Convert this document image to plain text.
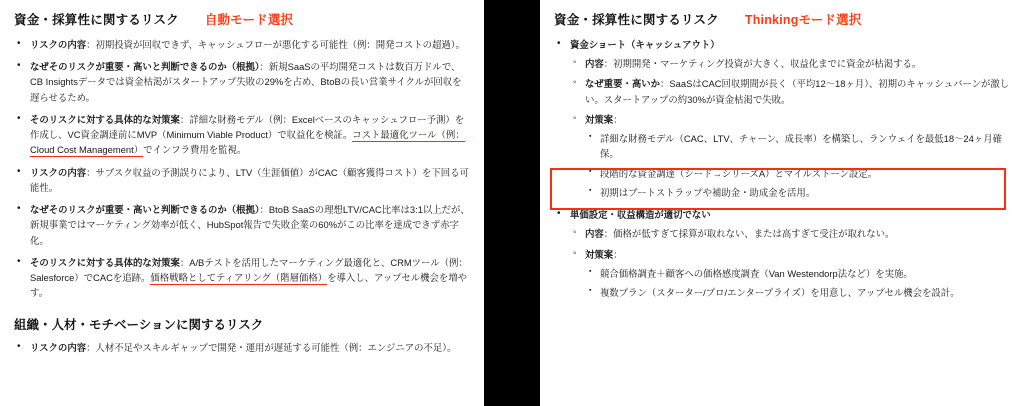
資金・採算性に関するリスク 自動モード選択
• リスクの内容：初期投資が回収できず、キャッシュフローが悪化する可能性（例：開発コストの超過）。
• なぜそのリスクが重要・高いと判断できるのか（根拠）：新規SaaSの平均開発コストは数百万ドルで、CB Insightsデータでは資金枯渇がスタートアップ失敗の29%を占め、BtoBの長い営業サイクルが回収を遅らせるため。
• そのリスクに対する具体的な対策案：詳細な財務モデル（例：Excelベースのキャッシュフロー予測）を作成し、VC資金調達前にMVP（Minimum Viable Product）で収益化を検証。コスト最適化ツール（例：Cloud Cost Management）でインフラ費用を監視。
• リスクの内容：サブスク収益の予測誤りにより、LTV（生涯価値）がCAC（顧客獲得コスト）を下回る可能性。
• なぜそのリスクが重要・高いと判断できるのか（根拠）：BtoB SaaSの理想LTV/CAC比率は3:1以上だが、新規事業ではマーケティング効率が低く、HubSpot報告で失敗企業の60%がこの比率を達成できず赤字化。
• そのリスクに対する具体的な対策案：A/Bテストを活用したマーケティング最適化と、CRMツール（例：Salesforce）でCACを追跡。価格戦略としてティアリング（階層価格）を導入し、アップセル機会を増やす。
組織・人材・モチベーションに関するリスク
• リスクの内容：人材不足やスキルギャップで開発・運用が遅延する可能性（例：エンジニアの不足）。
資金・採算性に関するリスク Thinkingモード選択
• 資金ショート（キャッシュアウト）
◦ 内容：初期開発・マーケティング投資が大きく、収益化までに資金が枯渇する。
◦ なぜ重要・高いか：SaaSはCAC回収期間が長く（平均12〜18ヶ月）、初期のキャッシュバーンが激しい。スタートアップの約30%が資金枯渇で失敗。
◦ 対策案：
▪ 詳細な財務モデル（CAC、LTV、チャーン、成長率）を構築し、ランウェイを最低18〜24ヶ月確保。
▪ 段階的な資金調達（シード→シリーズA）とマイルストーン設定。
▪ 初期はブートストラップや補助金・助成金を活用。
• 単価設定・収益構造が適切でない
◦ 内容：価格が低すぎて採算が取れない、または高すぎて受注が取れない。
◦ 対策案：
▪ 競合価格調査＋顧客への価格感度調査（Van Westendorp法など）を実施。
▪ 複数プラン（スターター/プロ/エンタープライズ）を用意し、アップセル機会を設計。
